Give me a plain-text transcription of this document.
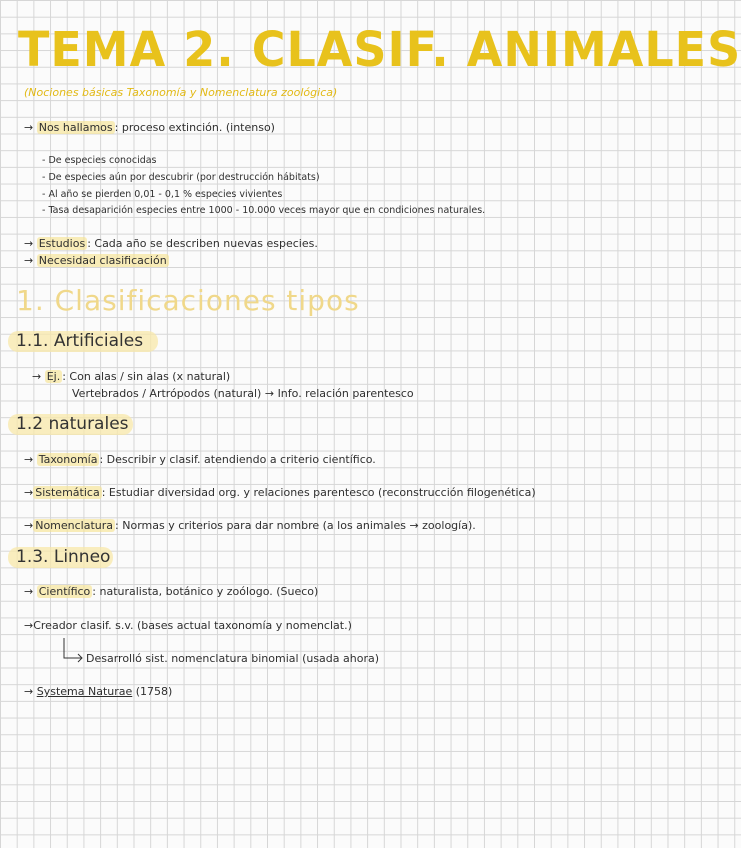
TEMA 2. CLASIF. ANIMALES
(Nociones básicas Taxonomía y Nomenclatura zoológica)
→ Nos hallamos : proceso extinción. (intenso)
- De especies conocidas
- De especies aún por descubrir (por destrucción hábitats)
- Al año se pierden 0,01 - 0,1 % especies vivientes
- Tasa desaparición especies entre 1000 - 10.000 veces mayor que en condiciones naturales.
→ Estudios : Cada año se describen nuevas especies.
→ Necesidad clasificación
1. Clasificaciones tipos
1.1. Artificiales
→ Ej. : Con alas / sin alas (x natural)
Vertebrados / Artrópodos (natural) → Info. relación parentesco
1.2 naturales
→ Taxonomía : Describir y clasif. atendiendo a criterio científico.
→ Sistemática : Estudiar diversidad org. y relaciones parentesco (reconstrucción filogenética)
→ Nomenclatura : Normas y criterios para dar nombre (a los animales → zoología).
1.3. Linneo
→ Científico : naturalista, botánico y zoólogo. (Sueco)
→Creador clasif. s.v. (bases actual taxonomía y nomenclat.)
Desarrolló sist. nomenclatura binomial (usada ahora)
→ Systema Naturae (1758)
